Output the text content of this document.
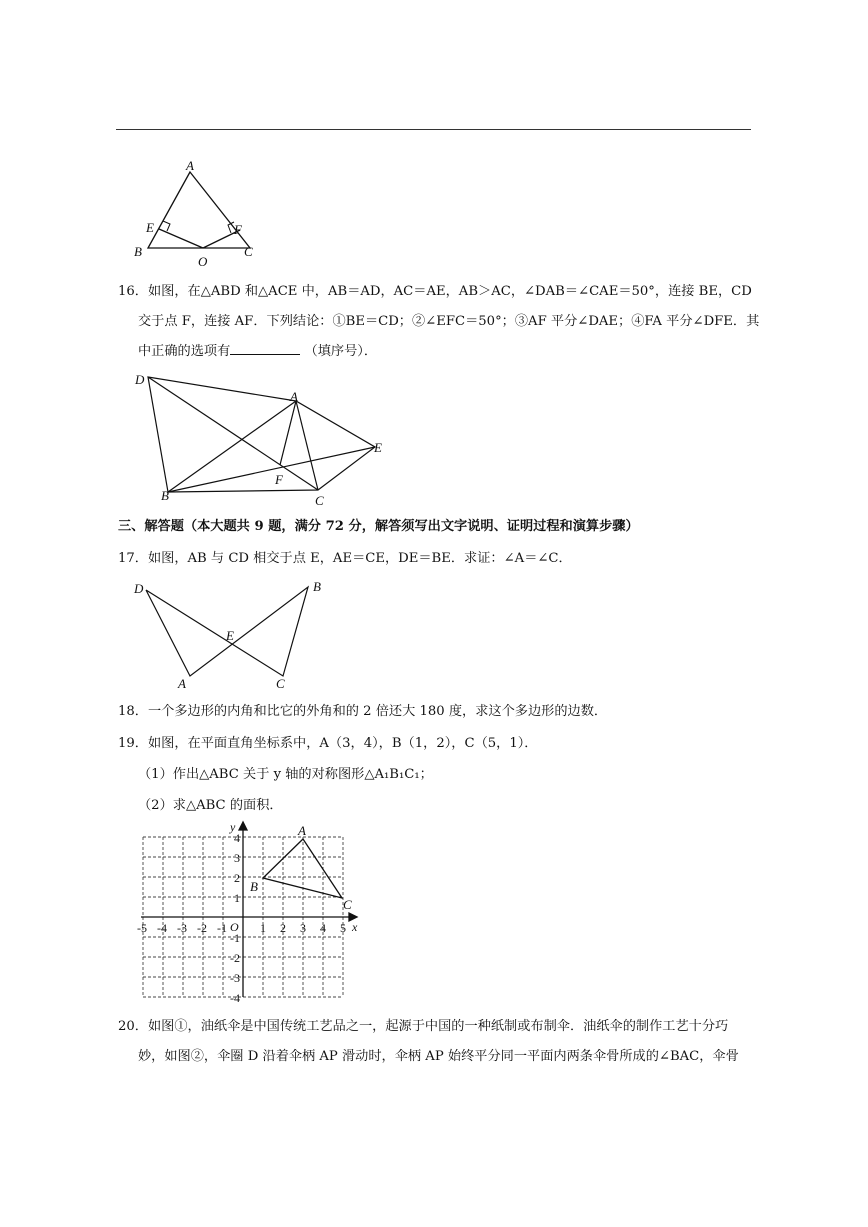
A
B	C
E	F
O
16．如图，在△ABD 和△ACE 中，AB＝AD，AC＝AE，AB＞AC，∠DAB＝∠CAE＝50°，连接 BE，CD
交于点 F，连接 AF．下列结论：①BE＝CD；②∠EFC＝50°；③AF 平分∠DAE；④FA 平分∠DFE．其
中正确的选项有	（填序号）．
D
A
E
B
F
C
三、解答题（本大题共 9 题，满分 72 分，解答须写出文字说明、证明过程和演算步骤）
17．如图，AB 与 CD 相交于点 E，AE＝CE，DE＝BE．求证：∠A＝∠C．
D	B
E
A	C
18．一个多边形的内角和比它的外角和的 2 倍还大 180 度，求这个多边形的边数．
19．如图，在平面直角坐标系中，A（3，4），B（1，2），C（5，1）．
（1）作出△ABC 关于 y 轴的对称图形△A₁B₁C₁；
（2）求△ABC 的面积．
-5 -4 -3 -2 -1	1 2 3 4 5
4
3
2
1
-1
-2
-3
-4
x
y
O
A
B
C
20．如图①，油纸伞是中国传统工艺品之一，起源于中国的一种纸制或布制伞．油纸伞的制作工艺十分巧
妙，如图②，伞圈 D 沿着伞柄 AP 滑动时，伞柄 AP 始终平分同一平面内两条伞骨所成的∠BAC，伞骨
